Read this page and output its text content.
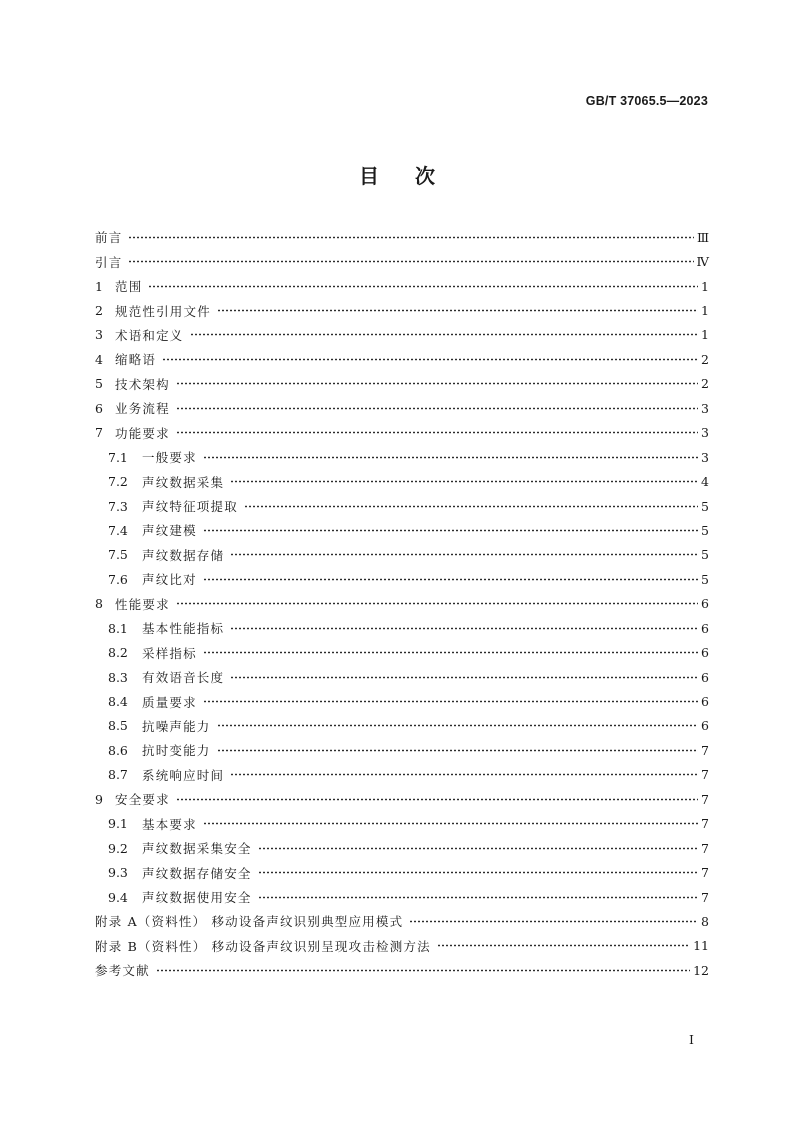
GB/T 37065.5—2023
目次
前言	Ⅲ
引言	Ⅳ
1 范围	1
2 规范性引用文件	1
3 术语和定义	1
4 缩略语	2
5 技术架构	2
6 业务流程	3
7 功能要求	3
7.1	一般要求	3
7.2	声纹数据采集	4
7.3	声纹特征项提取	5
7.4	声纹建模	5
7.5	声纹数据存储	5
7.6	声纹比对	5
8 性能要求	6
8.1	基本性能指标	6
8.2	采样指标	6
8.3	有效语音长度	6
8.4	质量要求	6
8.5	抗噪声能力	6
8.6	抗时变能力	7
8.7	系统响应时间	7
9 安全要求	7
9.1	基本要求	7
9.2	声纹数据采集安全	7
9.3	声纹数据存储安全	7
9.4	声纹数据使用安全	7
附录 A（资料性） 移动设备声纹识别典型应用模式	8
附录 B（资料性） 移动设备声纹识别呈现攻击检测方法	11
参考文献	12
I
